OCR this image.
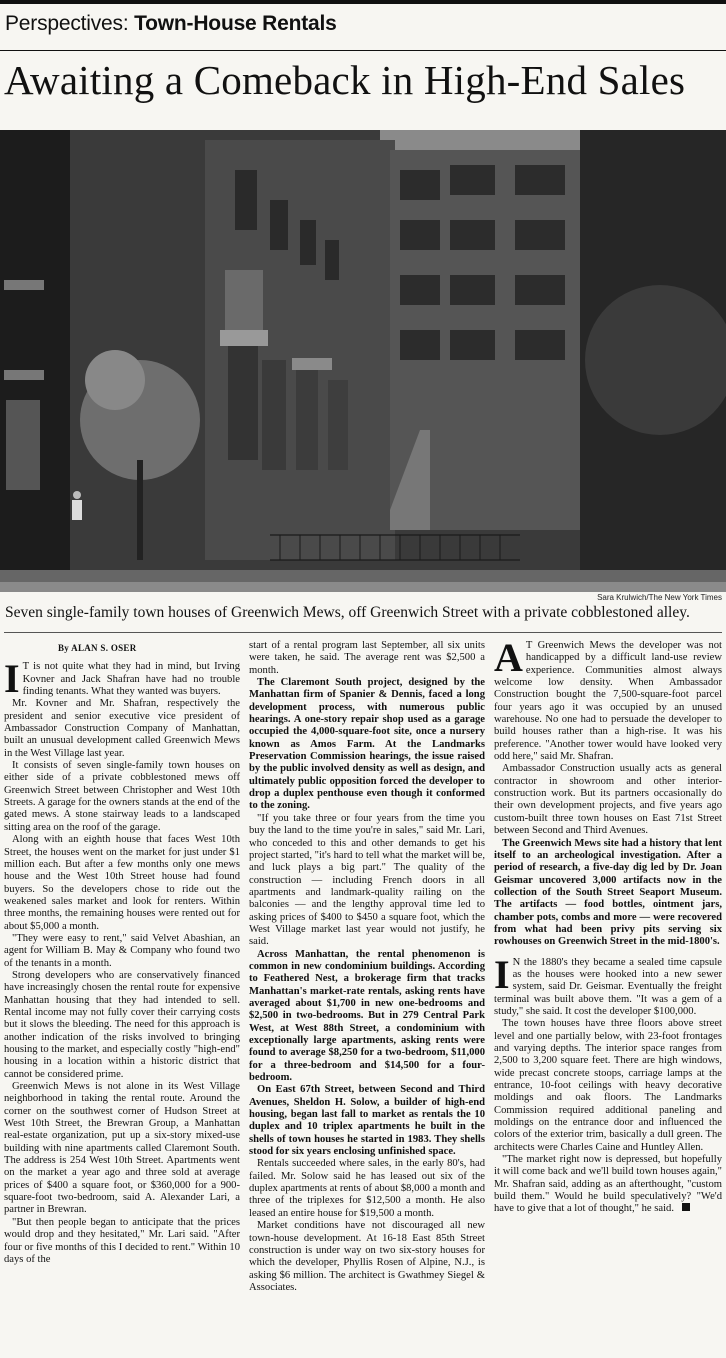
Perspectives: Town-House Rentals
Awaiting a Comeback in High-End Sales
Sara Krulwich/The New York Times
Seven single-family town houses of Greenwich Mews, off Greenwich Street with a private cobblestoned alley.
By ALAN S. OSER

I T is not quite what they had in mind, but Irving Kovner and Jack Shafran have had no trouble finding tenants. What they wanted was buyers.

Mr. Kovner and Mr. Shafran, respectively the president and senior executive vice president of Ambassador Construction Company of Manhattan, built an unusual development called Greenwich Mews in the West Village last year.

It consists of seven single-family town houses on either side of a private cobblestoned mews off Greenwich Street between Christopher and West 10th Streets. A garage for the owners stands at the end of the gated mews. A stone stairway leads to a landscaped sitting area on the roof of the garage.

Along with an eighth house that faces West 10th Street, the houses went on the market for just under $1 million each. But after a few months only one mews house and the West 10th Street house had found buyers. So the developers chose to ride out the weakened sales market and look for renters. Within three months, the remaining houses were rented out for about $5,000 a month.

"They were easy to rent," said Velvet Abashian, an agent for William B. May & Company who found two of the tenants in a month.

Strong developers who are conservatively financed have increasingly chosen the rental route for expensive Manhattan housing that they had intended to sell. Rental income may not fully cover their carrying costs but it slows the bleeding. The need for this approach is another indication of the risks involved to bringing housing to the market, and especially costly "high-end" housing in a location within a historic district that cannot be considered prime.

Greenwich Mews is not alone in its West Village neighborhood in taking the rental route. Around the corner on the southwest corner of Hudson Street at West 10th Street, the Brewran Group, a Manhattan real-estate organization, put up a six-story mixed-use building with nine apartments called Claremont South. The address is 254 West 10th Street. Apartments went on the market a year ago and three sold at average prices of $400 a square foot, or $360,000 for a 900-square-foot two-bedroom, said A. Alexander Lari, a partner in Brewran.

"But then people began to anticipate that the prices would drop and they hesitated," Mr. Lari said. "After four or five months of this I decided to rent." Within 10 days of the

start of a rental program last September, all six units were taken, he said. The average rent was $2,500 a month.

The Claremont South project, designed by the Manhattan firm of Spanier & Dennis, faced a long development process, with numerous public hearings. A one-story repair shop used as a garage occupied the 4,000-square-foot site, once a nursery known as Amos Farm. At the Landmarks Preservation Commission hearings, the issue raised by the public involved density as well as design, and ultimately public opposition forced the developer to drop a duplex penthouse even though it conformed to the zoning.

"If you take three or four years from the time you buy the land to the time you're in sales," said Mr. Lari, who conceded to this and other demands to get his project started, "it's hard to tell what the market will be, and luck plays a big part." The quality of the construction — including French doors in all apartments and landmark-quality railing on the balconies — and the lengthy approval time led to asking prices of $400 to $450 a square foot, which the West Village market last year would not justify, he said.

Across Manhattan, the rental phenomenon is common in new condominium buildings. According to Feathered Nest, a brokerage firm that tracks Manhattan's market-rate rentals, asking rents have averaged about $1,700 in new one-bedrooms and $2,500 in two-bedrooms. But in 279 Central Park West, at West 88th Street, a condominium with exceptionally large apartments, asking rents were found to average $8,250 for a two-bedroom, $11,000 for a three-bedroom and $14,500 for a four-bedroom.

On East 67th Street, between Second and Third Avenues, Sheldon H. Solow, a builder of high-end housing, began last fall to market as rentals the 10 duplex and 10 triplex apartments he built in the shells of town houses he started in 1983. They shells stood for six years enclosing unfinished space.

Rentals succeeded where sales, in the early 80's, had failed. Mr. Solow said he has leased out six of the duplex apartments at rents of about $8,000 a month and three of the triplexes for $12,500 a month. He also leased an entire house for $19,500 a month.

Market conditions have not discouraged all new town-house development. At 16-18 East 85th Street construction is under way on two six-story houses for which the developer, Phyllis Rosen of Alpine, N.J., is asking $6 million. The architect is Gwathmey Siegel & Associates.

A T Greenwich Mews the developer was not handicapped by a difficult land-use review experience. Communities almost always welcome low density. When Ambassador Construction bought the 7,500-square-foot parcel four years ago it was occupied by an unused warehouse. No one had to persuade the developer to build houses rather than a high-rise. It was his preference. "Another tower would have looked very odd here," said Mr. Shafran.

Ambassador Construction usually acts as general contractor in showroom and other interior-construction work. But its partners occasionally do their own development projects, and five years ago custom-built three town houses on East 71st Street between Second and Third Avenues.

The Greenwich Mews site had a history that lent itself to an archeological investigation. After a period of research, a five-day dig led by Dr. Joan Geismar uncovered 3,000 artifacts now in the collection of the South Street Seaport Museum. The artifacts — food bottles, ointment jars, chamber pots, combs and more — were recovered from what had been privy pits serving six rowhouses on Greenwich Street in the mid-1800's.

I N the 1880's they became a sealed time capsule as the houses were hooked into a new sewer system, said Dr. Geismar. Eventually the freight terminal was built above them. "It was a gem of a study," she said. It cost the developer $100,000.

The town houses have three floors above street level and one partially below, with 23-foot frontages and varying depths. The interior space ranges from 2,500 to 3,200 square feet. There are high windows, wide precast concrete stoops, carriage lamps at the entrance, 10-foot ceilings with heavy decorative moldings and oak floors. The Landmarks Commission required additional paneling and moldings on the entrance door and influenced the colors of the exterior trim, basically a dull green. The architects were Charles Caine and Huntley Allen.

"The market right now is depressed, but hopefully it will come back and we'll build town houses again," Mr. Shafran said, adding as an afterthought, "custom build them." Would he build speculatively? "We'd have to give that a lot of thought," he said.
